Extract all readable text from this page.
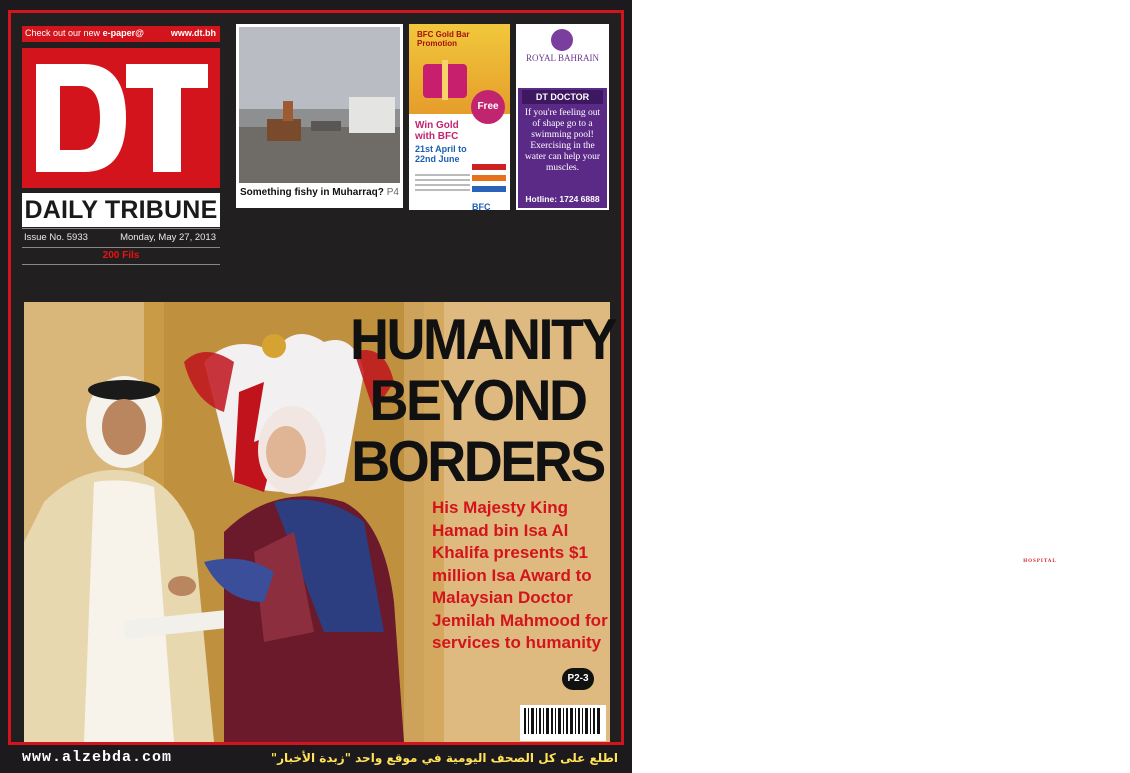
Check out our new e-paper@	www.dt.bh
DAILY TRIBUNE
Issue No. 5933	Monday, May 27, 2013
200 Fils
Something fishy in Muharraq? P4
BFC Gold Bar Promotion
Free
Win Gold with BFC
21st April to 22nd June
BFC
ROYAL BAHRAIN

HOSPITAL
DT DOCTOR
If you're feeling out of shape go to a swimming pool! Exercising in the water can help your muscles.
Hotline: 1724 6888
HUMANITY
BEYOND
BORDERS
His Majesty King Hamad bin Isa Al Khalifa presents $1 million Isa Award to Malaysian Doctor Jemilah Mahmood for services to humanity
P2-3
www.alzebda.com	اطلع على كل الصحف اليومية في موقع واحد "زبدة الأخبار"
